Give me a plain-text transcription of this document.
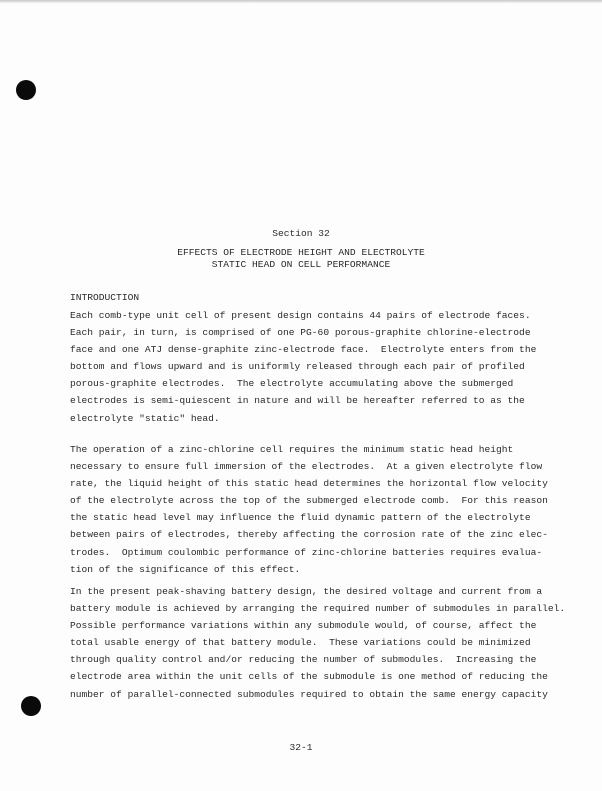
Section 32
EFFECTS OF ELECTRODE HEIGHT AND ELECTROLYTE
STATIC HEAD ON CELL PERFORMANCE
INTRODUCTION
Each comb-type unit cell of present design contains 44 pairs of electrode faces.
Each pair, in turn, is comprised of one PG-60 porous-graphite chlorine-electrode
face and one ATJ dense-graphite zinc-electrode face.  Electrolyte enters from the
bottom and flows upward and is uniformly released through each pair of profiled
porous-graphite electrodes.  The electrolyte accumulating above the submerged
electrodes is semi-quiescent in nature and will be hereafter referred to as the
electrolyte "static" head.
The operation of a zinc-chlorine cell requires the minimum static head height
necessary to ensure full immersion of the electrodes.  At a given electrolyte flow
rate, the liquid height of this static head determines the horizontal flow velocity
of the electrolyte across the top of the submerged electrode comb.  For this reason
the static head level may influence the fluid dynamic pattern of the electrolyte
between pairs of electrodes, thereby affecting the corrosion rate of the zinc elec-
trodes.  Optimum coulombic performance of zinc-chlorine batteries requires evalua-
tion of the significance of this effect.
In the present peak-shaving battery design, the desired voltage and current from a
battery module is achieved by arranging the required number of submodules in parallel.
Possible performance variations within any submodule would, of course, affect the
total usable energy of that battery module.  These variations could be minimized
through quality control and/or reducing the number of submodules.  Increasing the
electrode area within the unit cells of the submodule is one method of reducing the
number of parallel-connected submodules required to obtain the same energy capacity
32-1
